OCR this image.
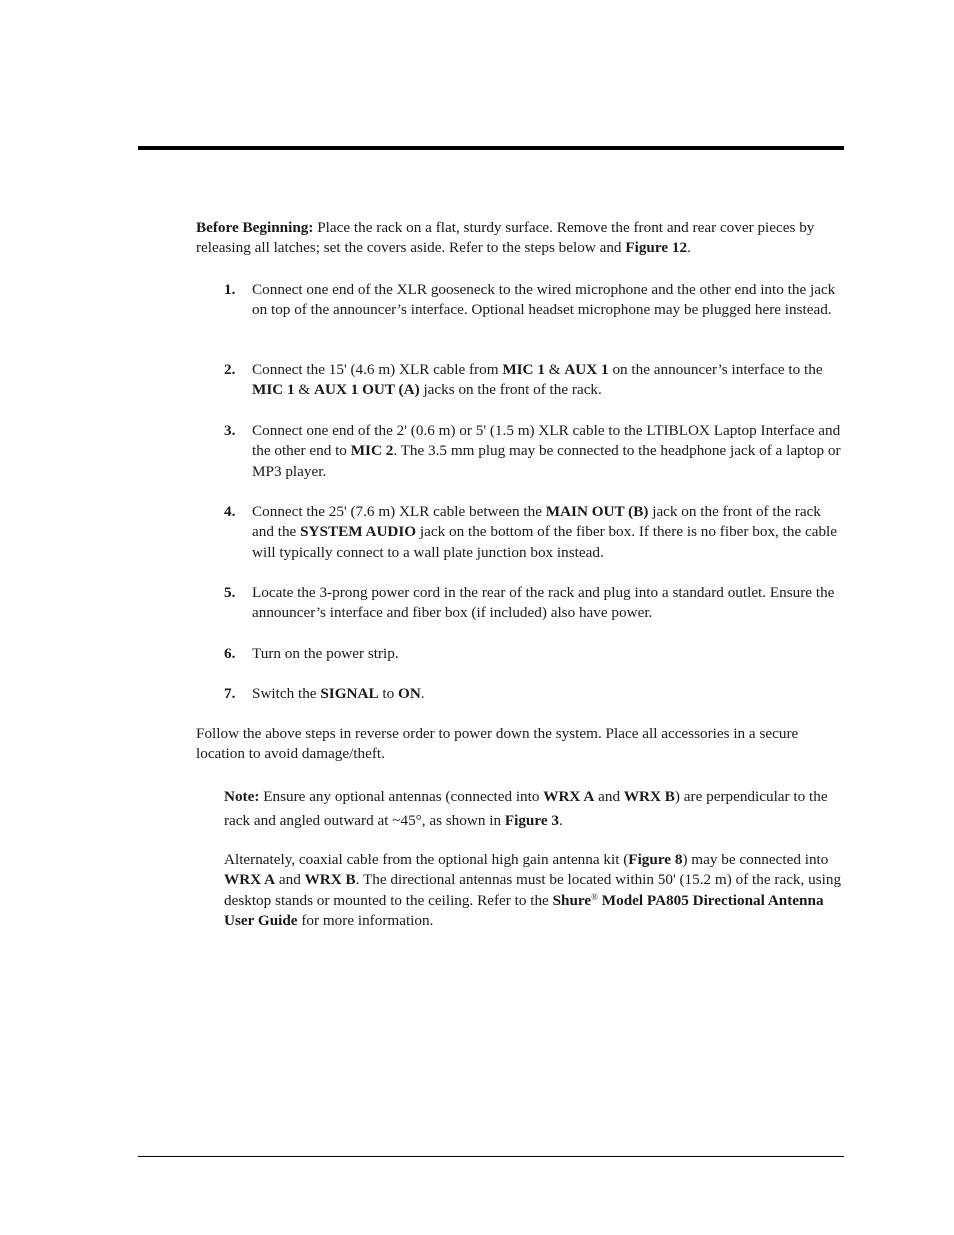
Before Beginning: Place the rack on a flat, sturdy surface. Remove the front and rear cover pieces by releasing all latches; set the covers aside. Refer to the steps below and Figure 12.

1.	Connect one end of the XLR gooseneck to the wired microphone and the other end into the jack on top of the announcer’s interface. Optional headset microphone may be plugged here instead.
2.	Connect the 15' (4.6 m) XLR cable from MIC 1 & AUX 1 on the announcer’s interface to the MIC 1 & AUX 1 OUT (A) jacks on the front of the rack.
3.	Connect one end of the 2' (0.6 m) or 5' (1.5 m) XLR cable to the LTIBLOX Laptop Interface and the other end to MIC 2. The 3.5 mm plug may be connected to the headphone jack of a laptop or MP3 player.
4.	Connect the 25' (7.6 m) XLR cable between the MAIN OUT (B) jack on the front of the rack and the SYSTEM AUDIO jack on the bottom of the fiber box. If there is no fiber box, the cable will typically connect to a wall plate junction box instead.
5.	Locate the 3-prong power cord in the rear of the rack and plug into a standard outlet. Ensure the announcer’s interface and fiber box (if included) also have power.
6.	Turn on the power strip.
7.	Switch the SIGNAL to ON.

Follow the above steps in reverse order to power down the system. Place all accessories in a secure location to avoid damage/theft.

Note: Ensure any optional antennas (connected into WRX A and WRX B) are perpendicular to the rack and angled outward at ~45°, as shown in Figure 3.

Alternately, coaxial cable from the optional high gain antenna kit (Figure 8) may be connected into WRX A and WRX B. The directional antennas must be located within 50' (15.2 m) of the rack, using desktop stands or mounted to the ceiling. Refer to the Shure® Model PA805 Directional Antenna User Guide for more information.
